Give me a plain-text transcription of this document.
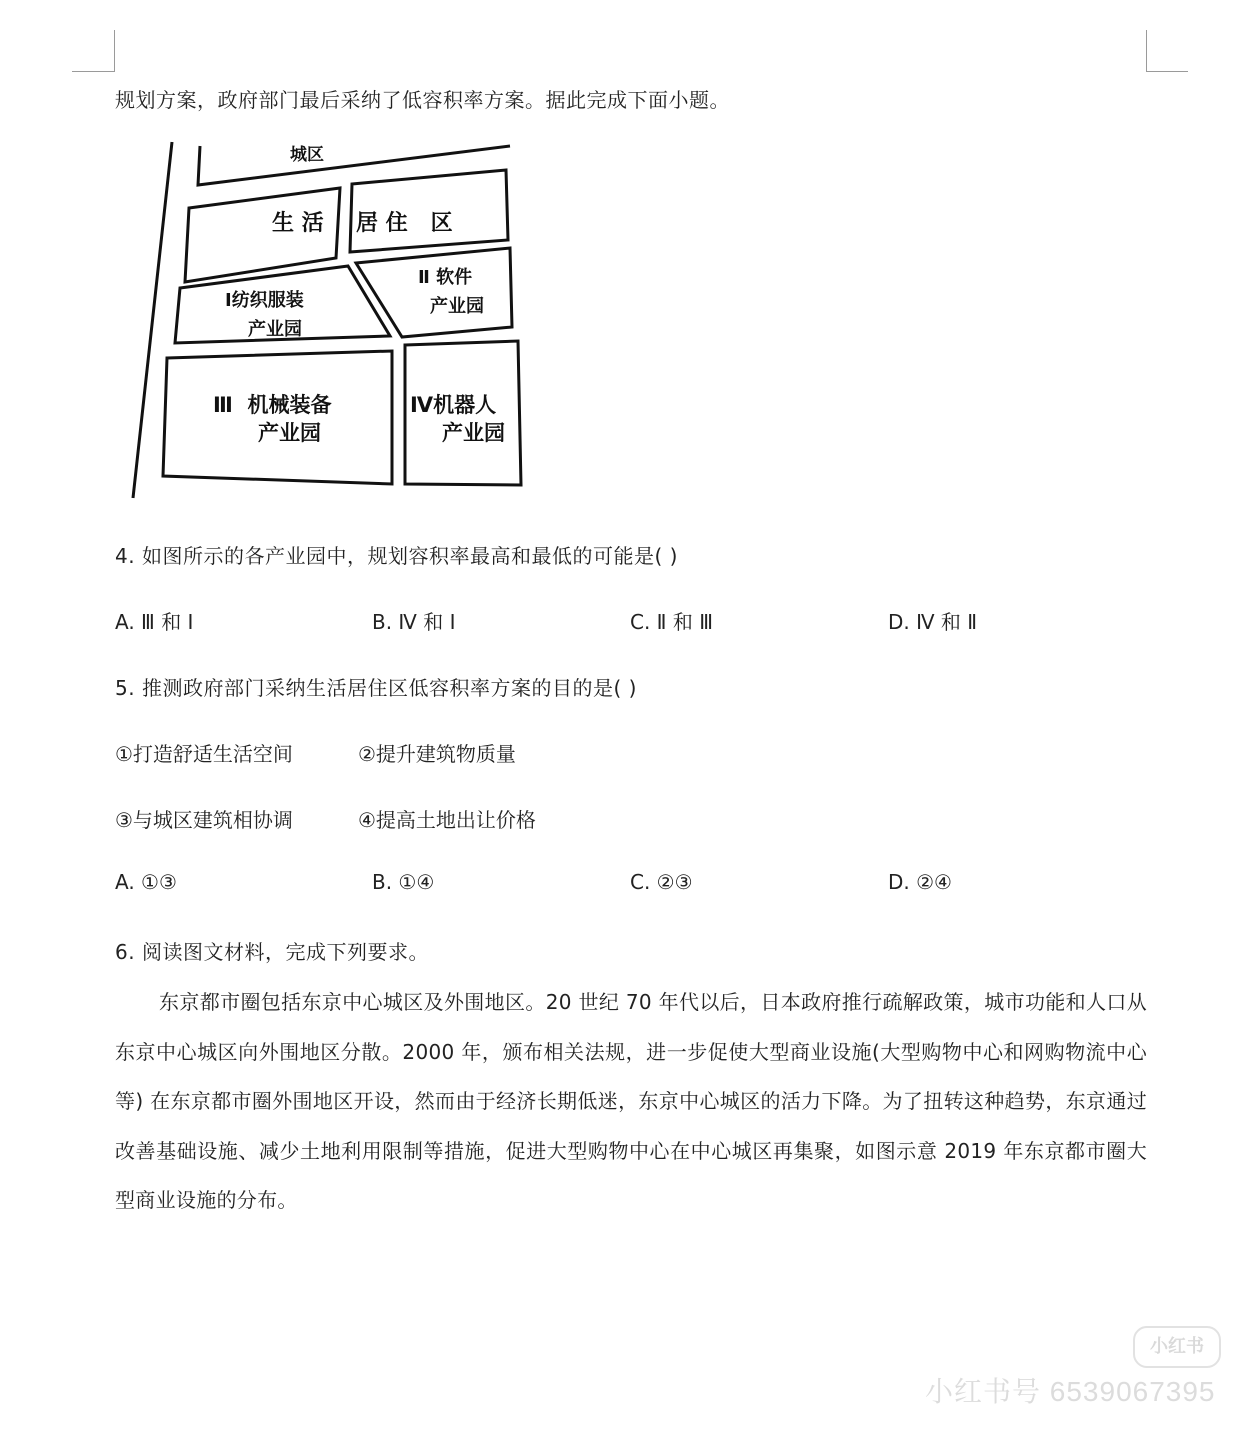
规划方案，政府部门最后采纳了低容积率方案。据此完成下面小题。
城区
生 活 居 住   区
Ⅰ纺织服装
产业园
Ⅱ 软件
产业园
Ⅲ  机械装备
产业园
Ⅳ机器人
产业园
4. 如图所示的各产业园中，规划容积率最高和最低的可能是( )
A. Ⅲ 和 Ⅰ	B. Ⅳ 和 Ⅰ	C. Ⅱ 和 Ⅲ	D. Ⅳ 和 Ⅱ
5. 推测政府部门采纳生活居住区低容积率方案的目的是( )
①打造舒适生活空间	②提升建筑物质量
③与城区建筑相协调	④提高土地出让价格
A. ①③	B. ①④	C. ②③	D. ②④
6. 阅读图文材料，完成下列要求。
东京都市圈包括东京中心城区及外围地区。20 世纪 70 年代以后，日本政府推行疏解政策，城市功能和人口从东京中心城区向外围地区分散。2000 年，颁布相关法规，进一步促使大型商业设施(大型购物中心和网购物流中心等) 在东京都市圈外围地区开设，然而由于经济长期低迷，东京中心城区的活力下降。为了扭转这种趋势，东京通过改善基础设施、减少土地利用限制等措施，促进大型购物中心在中心城区再集聚，如图示意 2019 年东京都市圈大型商业设施的分布。
小红书
小红书号 6539067395
